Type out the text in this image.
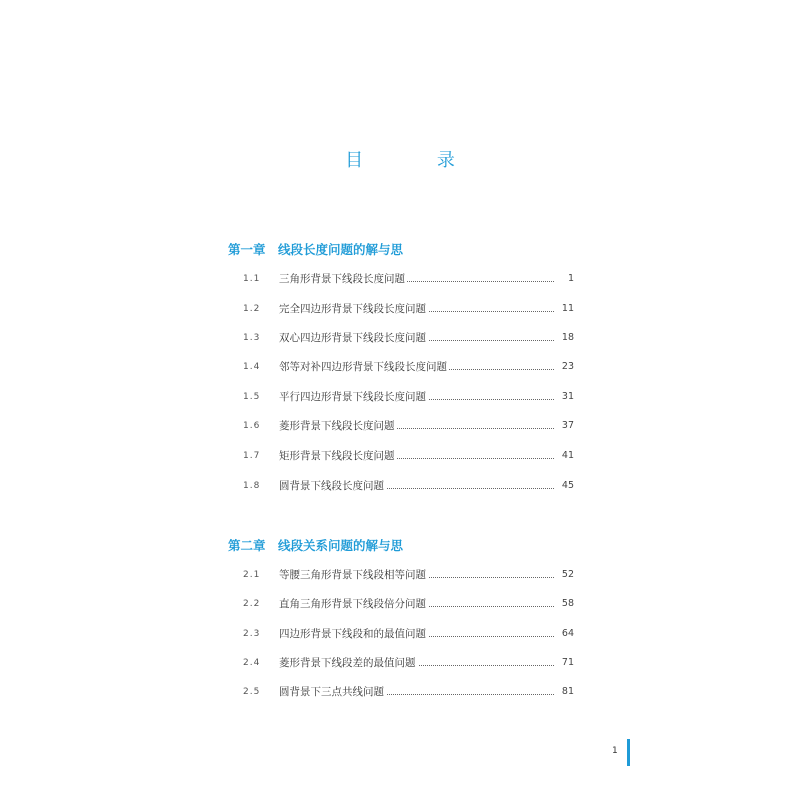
目 录
第一章 线段长度问题的解与思
1.1	三角形背景下线段长度问题	1
1.2	完全四边形背景下线段长度问题	11
1.3	双心四边形背景下线段长度问题	18
1.4	邻等对补四边形背景下线段长度问题	23
1.5	平行四边形背景下线段长度问题	31
1.6	菱形背景下线段长度问题	37
1.7	矩形背景下线段长度问题	41
1.8	圆背景下线段长度问题	45
第二章 线段关系问题的解与思
2.1	等腰三角形背景下线段相等问题	52
2.2	直角三角形背景下线段倍分问题	58
2.3	四边形背景下线段和的最值问题	64
2.4	菱形背景下线段差的最值问题	71
2.5	圆背景下三点共线问题	81
1
